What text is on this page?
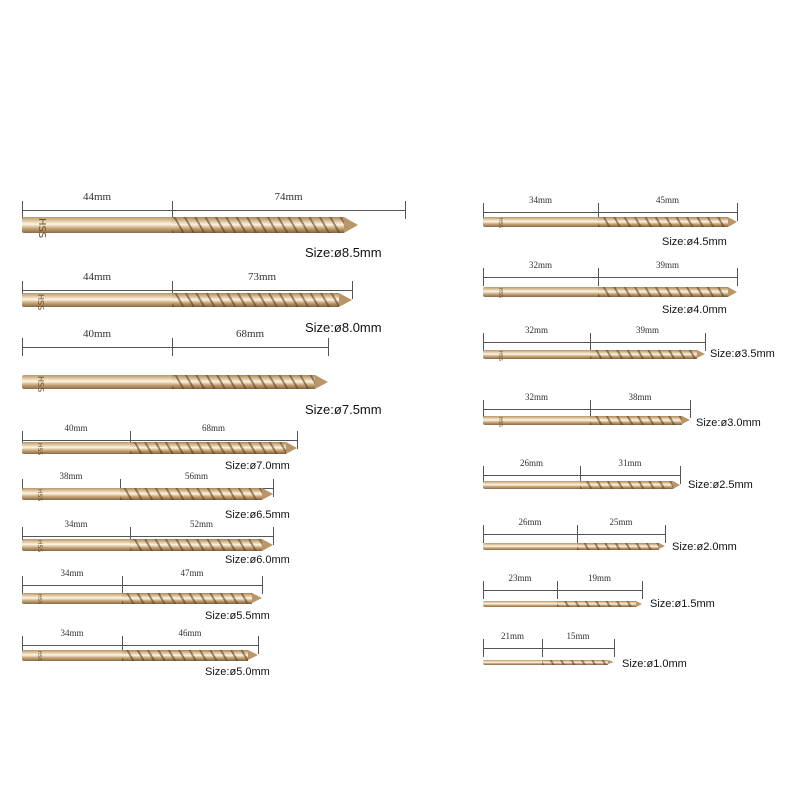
44mm	74mm
HSS
Size:ø8.5mm
44mm	73mm
HSS
Size:ø8.0mm
40mm	68mm
HSS
Size:ø7.5mm
40mm	68mm
HSS
Size:ø7.0mm
38mm	56mm
HSS
Size:ø6.5mm
34mm	52mm
HSS
Size:ø6.0mm
34mm	47mm
HSS
Size:ø5.5mm
34mm	46mm
HSS
Size:ø5.0mm
34mm	45mm
HSS
Size:ø4.5mm
32mm	39mm
HSS
Size:ø4.0mm
32mm	39mm
HSS	Size:ø3.5mm
32mm	38mm
HSS	Size:ø3.0mm
26mm	31mm
Size:ø2.5mm
26mm	25mm
Size:ø2.0mm
23mm	19mm
Size:ø1.5mm
21mm	15mm
Size:ø1.0mm
